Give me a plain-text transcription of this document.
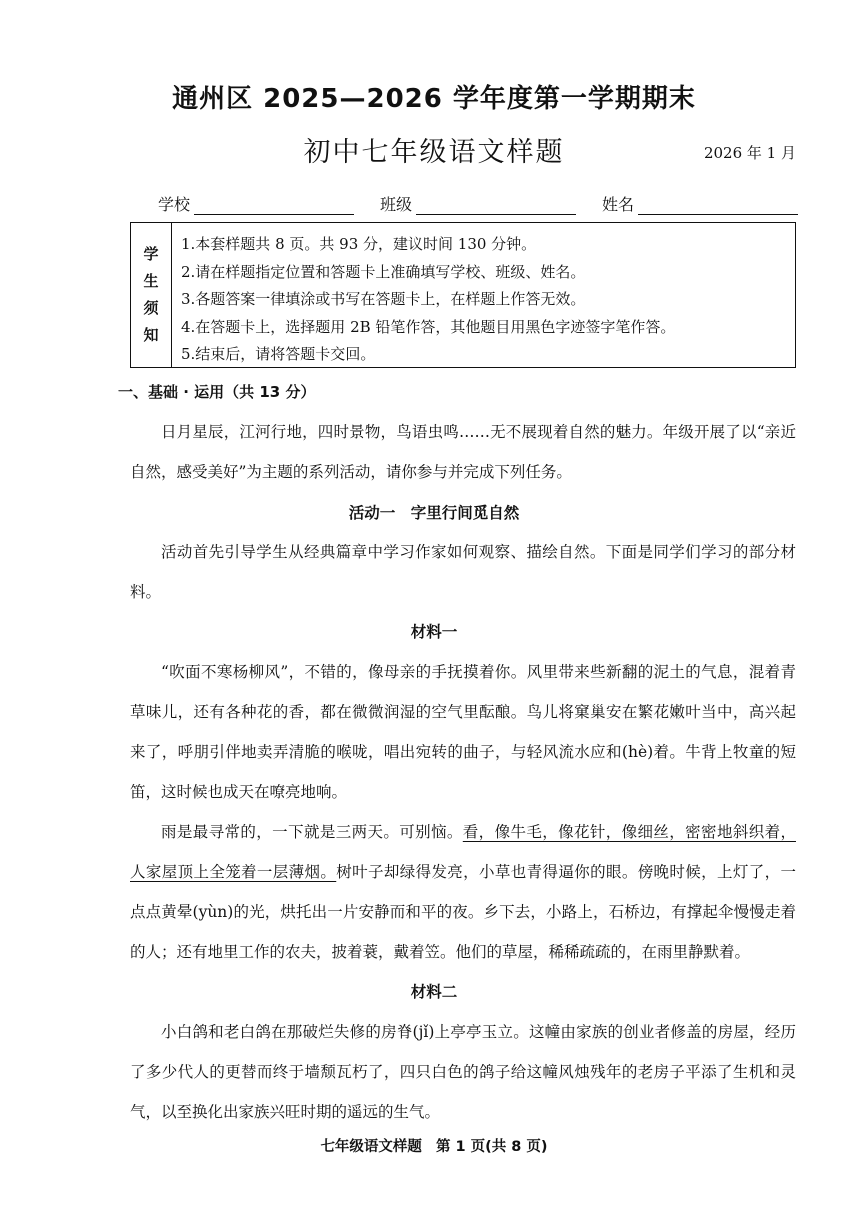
通州区 2025—2026 学年度第一学期期末
初中七年级语文样题	2026 年 1 月
学校	班级	姓名
学
生
须
知
1.本套样题共 8 页。共 93 分，建议时间 130 分钟。
2.请在样题指定位置和答题卡上准确填写学校、班级、姓名。
3.各题答案一律填涂或书写在答题卡上，在样题上作答无效。
4.在答题卡上，选择题用 2B 铅笔作答，其他题目用黑色字迹签字笔作答。
5.结束后，请将答题卡交回。
一、基础 · 运用（共 13 分）
日月星辰，江河行地，四时景物，鸟语虫鸣……无不展现着自然的魅力。年级开展了以“亲近自然，感受美好”为主题的系列活动，请你参与并完成下列任务。
活动一　字里行间觅自然
活动首先引导学生从经典篇章中学习作家如何观察、描绘自然。下面是同学们学习的部分材料。
材料一
“吹面不寒杨柳风”，不错的，像母亲的手抚摸着你。风里带来些新翻的泥土的气息，混着青草味儿，还有各种花的香，都在微微润湿的空气里酝酿。鸟儿将窠巢安在繁花嫩叶当中，高兴起来了，呼朋引伴地卖弄清脆的喉咙，唱出宛转的曲子，与轻风流水应和(hè)着。牛背上牧童的短笛，这时候也成天在嘹亮地响。
雨是最寻常的，一下就是三两天。可别恼。看，像牛毛，像花针，像细丝，密密地斜织着，人家屋顶上全笼着一层薄烟。树叶子却绿得发亮，小草也青得逼你的眼。傍晚时候，上灯了，一点点黄晕(yùn)的光，烘托出一片安静而和平的夜。乡下去，小路上，石桥边，有撑起伞慢慢走着的人；还有地里工作的农夫，披着蓑，戴着笠。他们的草屋，稀稀疏疏的，在雨里静默着。
材料二
小白鸽和老白鸽在那破烂失修的房脊(jǐ)上亭亭玉立。这幢由家族的创业者修盖的房屋，经历了多少代人的更替而终于墙颓瓦朽了，四只白色的鸽子给这幢风烛残年的老房子平添了生机和灵气，以至换化出家族兴旺时期的遥远的生气。
七年级语文样题 第 1 页(共 8 页)
